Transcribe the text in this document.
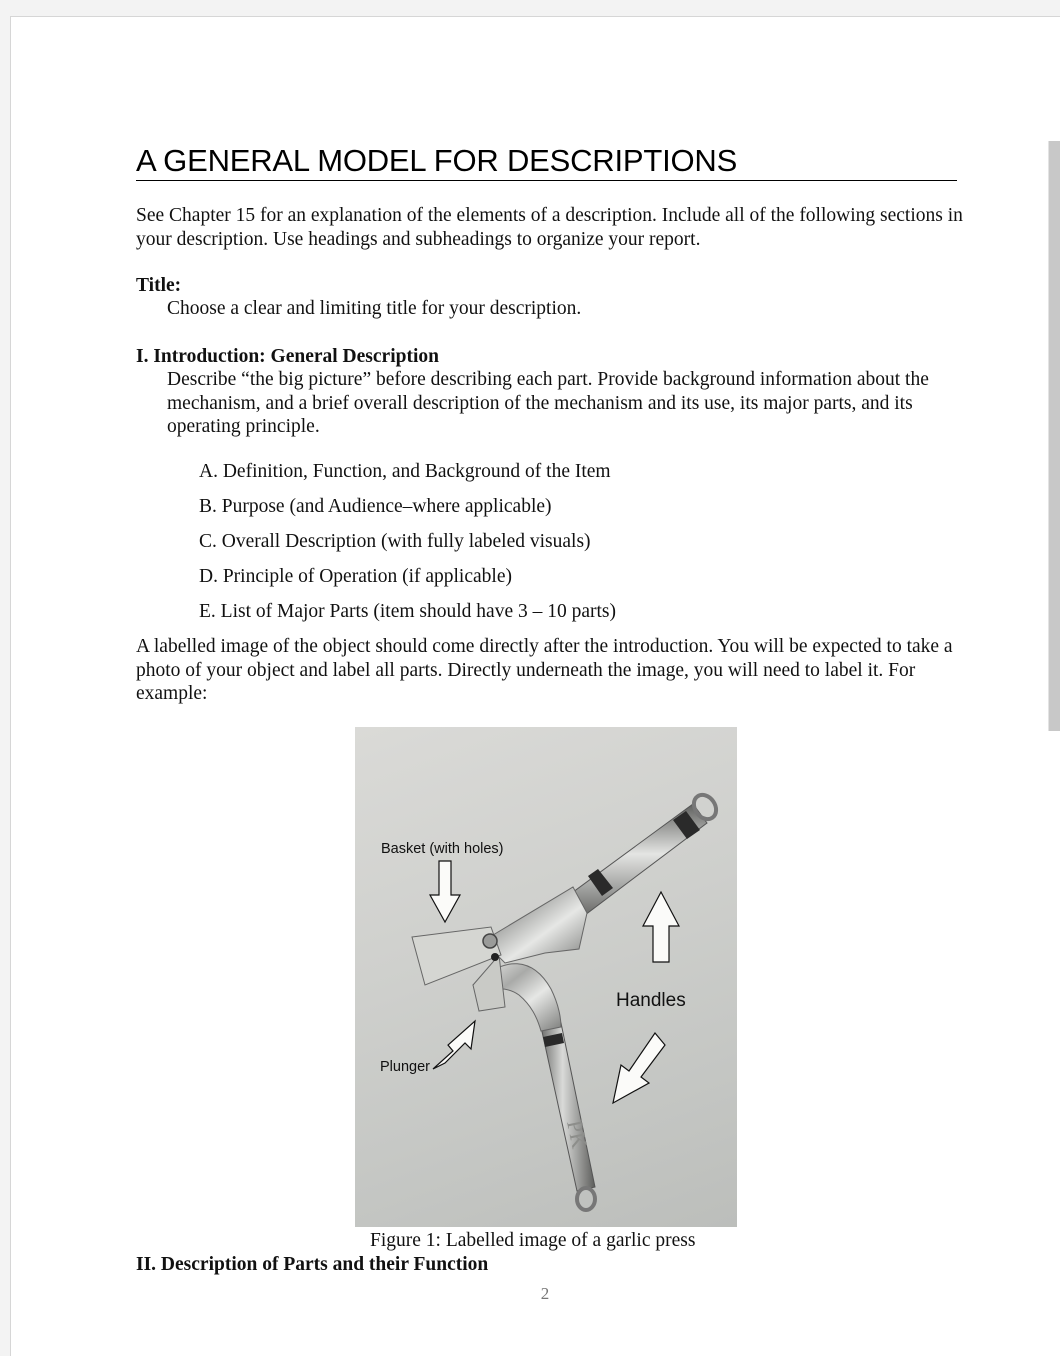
A GENERAL MODEL FOR DESCRIPTIONS
See Chapter 15 for an explanation of the elements of a description. Include all of the following sections in your description. Use headings and subheadings to organize your report.
Title:
Choose a clear and limiting title for your description.
I. Introduction: General Description
Describe “the big picture” before describing each part. Provide background information about the mechanism, and a brief overall description of the mechanism and its use, its major parts, and its operating principle.
A. Definition, Function, and Background of the Item
B. Purpose (and Audience–where applicable)
C. Overall Description (with fully labeled visuals)
D. Principle of Operation (if applicable)
E. List of Major Parts (item should have 3 – 10 parts)
A labelled image of the object should come directly after the introduction. You will be expected to take a photo of your object and label all parts. Directly underneath the image, you will need to label it. For example:
PK
Basket (with holes)
Handles
Plunger
Figure 1: Labelled image of a garlic press
II. Description of Parts and their Function
2
